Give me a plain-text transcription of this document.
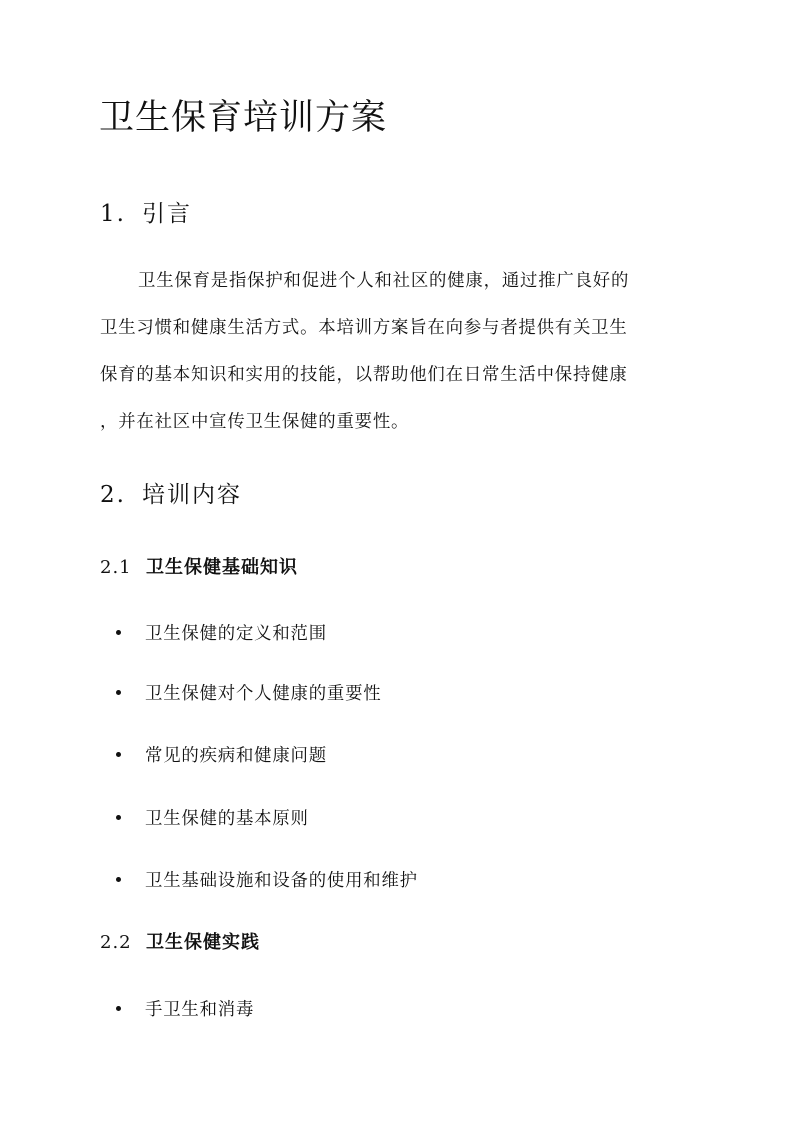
卫生保育培训方案
1. 引言
卫生保育是指保护和促进个人和社区的健康，通过推广良好的
卫生习惯和健康生活方式。本培训方案旨在向参与者提供有关卫生
保育的基本知识和实用的技能，以帮助他们在日常生活中保持健康
，并在社区中宣传卫生保健的重要性。
2. 培训内容
2.1 卫生保健基础知识
卫生保健的定义和范围
卫生保健对个人健康的重要性
常见的疾病和健康问题
卫生保健的基本原则
卫生基础设施和设备的使用和维护
2.2 卫生保健实践
手卫生和消毒
